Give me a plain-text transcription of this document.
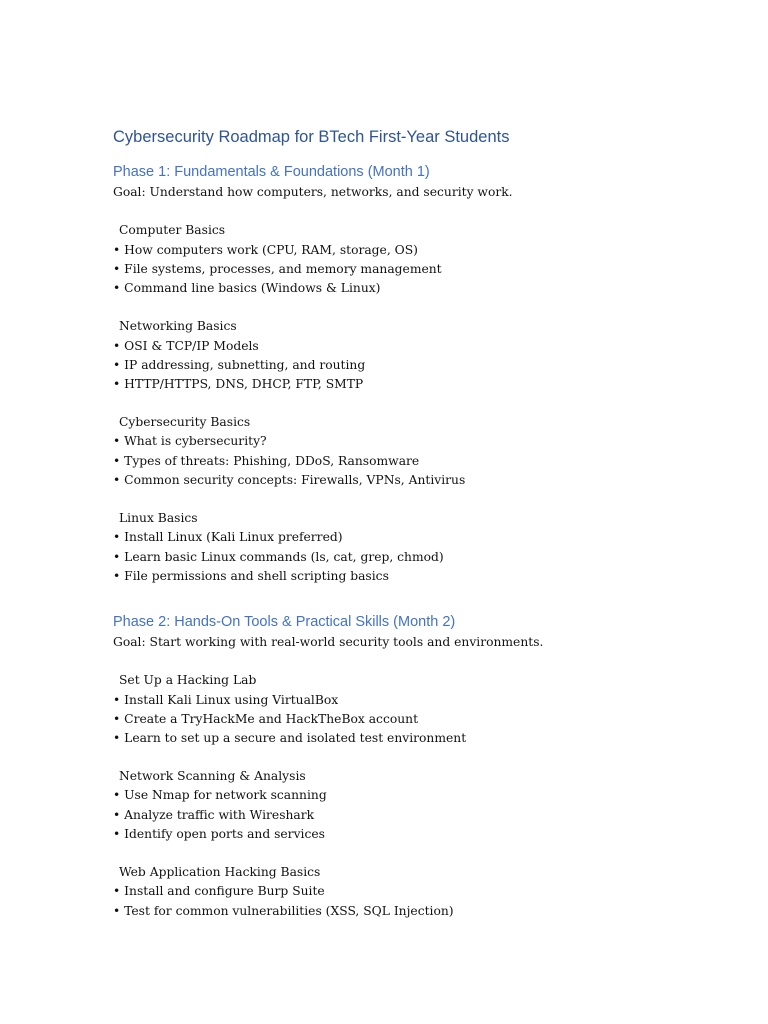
Cybersecurity Roadmap for BTech First-Year Students
Phase 1: Fundamentals & Foundations (Month 1)
Goal: Understand how computers, networks, and security work.
Computer Basics
• How computers work (CPU, RAM, storage, OS)
• File systems, processes, and memory management
• Command line basics (Windows & Linux)
Networking Basics
• OSI & TCP/IP Models
• IP addressing, subnetting, and routing
• HTTP/HTTPS, DNS, DHCP, FTP, SMTP
Cybersecurity Basics
• What is cybersecurity?
• Types of threats: Phishing, DDoS, Ransomware
• Common security concepts: Firewalls, VPNs, Antivirus
Linux Basics
• Install Linux (Kali Linux preferred)
• Learn basic Linux commands (ls, cat, grep, chmod)
• File permissions and shell scripting basics
Phase 2: Hands-On Tools & Practical Skills (Month 2)
Goal: Start working with real-world security tools and environments.
Set Up a Hacking Lab
• Install Kali Linux using VirtualBox
• Create a TryHackMe and HackTheBox account
• Learn to set up a secure and isolated test environment
Network Scanning & Analysis
• Use Nmap for network scanning
• Analyze traffic with Wireshark
• Identify open ports and services
Web Application Hacking Basics
• Install and configure Burp Suite
• Test for common vulnerabilities (XSS, SQL Injection)
